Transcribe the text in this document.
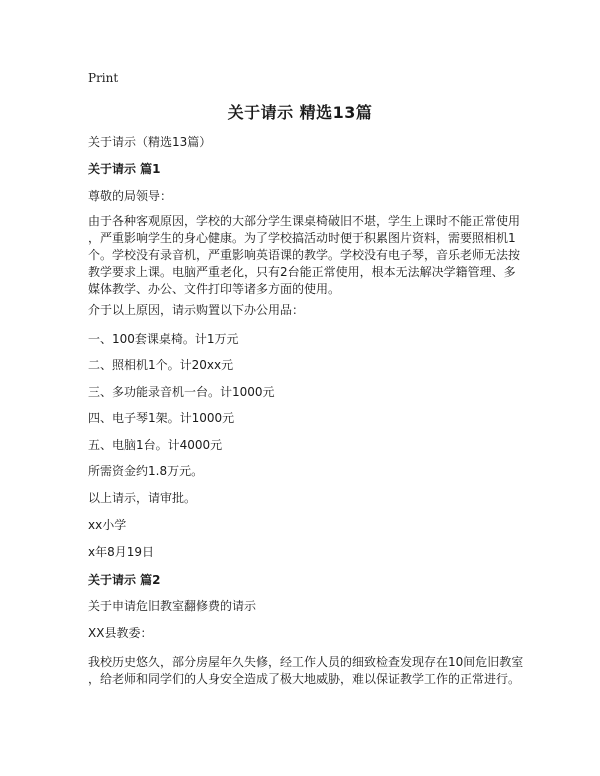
Print
关于请示 精选13篇
关于请示（精选13篇）
关于请示 篇1
尊敬的局领导：
由于各种客观原因，学校的大部分学生课桌椅破旧不堪，学生上课时不能正常使用
，严重影响学生的身心健康。为了学校搞活动时便于积累图片资料，需要照相机1
个。学校没有录音机，严重影响英语课的教学。学校没有电子琴，音乐老师无法按
教学要求上课。电脑严重老化，只有2台能正常使用，根本无法解决学籍管理、多
媒体教学、办公、文件打印等诸多方面的使用。
介于以上原因，请示购置以下办公用品：
一、100套课桌椅。计1万元
二、照相机1个。计20xx元
三、多功能录音机一台。计1000元
四、电子琴1架。计1000元
五、电脑1台。计4000元
所需资金约1.8万元。
以上请示，请审批。
xx小学
x年8月19日
关于请示 篇2
关于申请危旧教室翻修费的请示
XX县教委：
我校历史悠久，部分房屋年久失修，经工作人员的细致检查发现存在10间危旧教室
，给老师和同学们的人身安全造成了极大地威胁，难以保证教学工作的正常进行。
